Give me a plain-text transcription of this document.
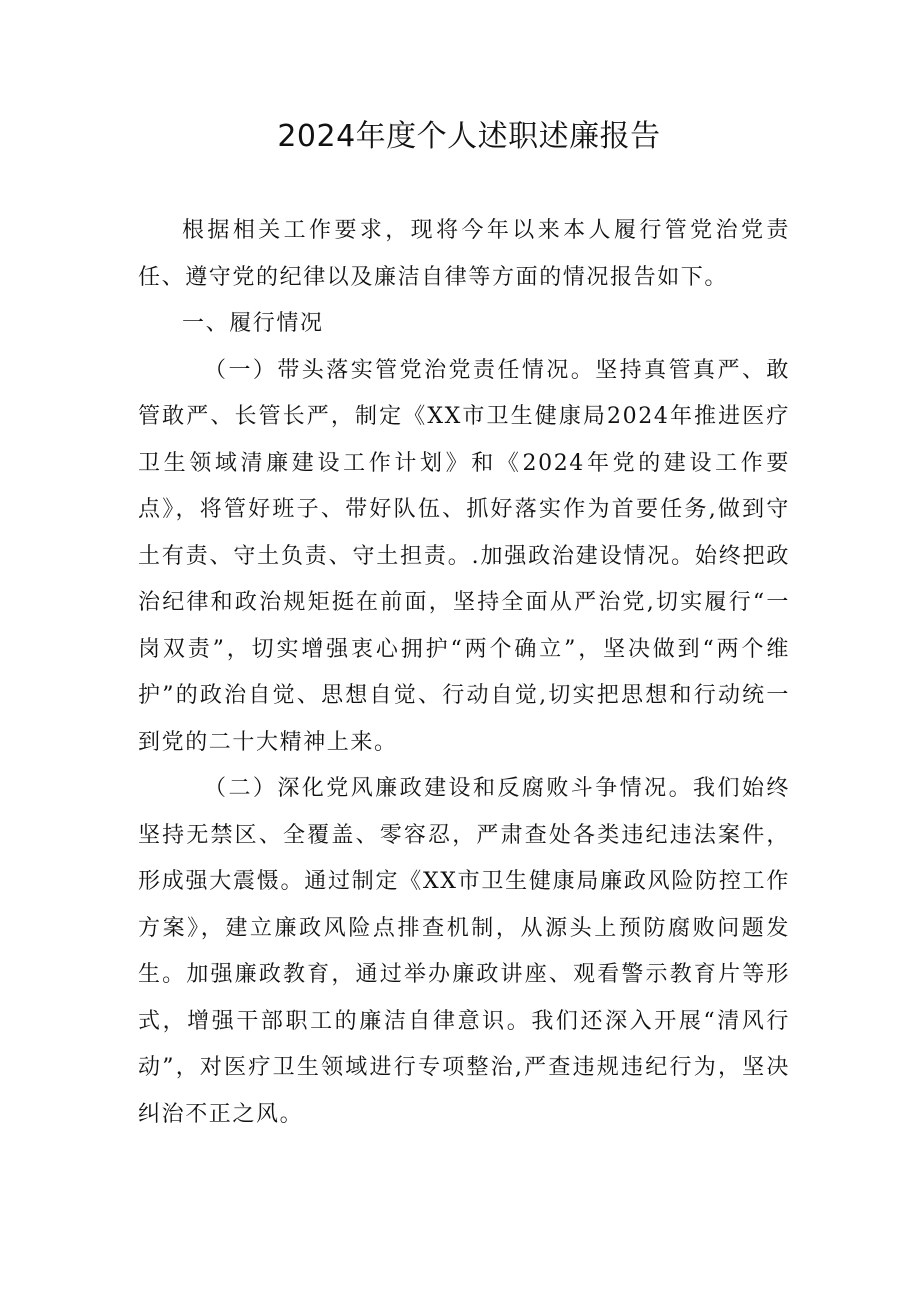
2024年度个人述职述廉报告

根据相关工作要求，现将今年以来本人履行管党治党责任、遵守党的纪律以及廉洁自律等方面的情况报告如下。

一、履行情况

（一）带头落实管党治党责任情况。坚持真管真严、敢管敢严、长管长严，制定《XX市卫生健康局2024年推进医疗卫生领域清廉建设工作计划》和《2024年党的建设工作要点》，将管好班子、带好队伍、抓好落实作为首要任务,做到守土有责、守土负责、守土担责。.加强政治建设情况。始终把政治纪律和政治规矩挺在前面，坚持全面从严治党,切实履行“一岗双责”，切实增强衷心拥护“两个确立”，坚决做到“两个维护”的政治自觉、思想自觉、行动自觉,切实把思想和行动统一到党的二十大精神上来。

（二）深化党风廉政建设和反腐败斗争情况。我们始终坚持无禁区、全覆盖、零容忍，严肃查处各类违纪违法案件，形成强大震慑。通过制定《XX市卫生健康局廉政风险防控工作方案》，建立廉政风险点排查机制，从源头上预防腐败问题发生。加强廉政教育，通过举办廉政讲座、观看警示教育片等形式，增强干部职工的廉洁自律意识。我们还深入开展“清风行动”，对医疗卫生领域进行专项整治,严查违规违纪行为，坚决纠治不正之风。
